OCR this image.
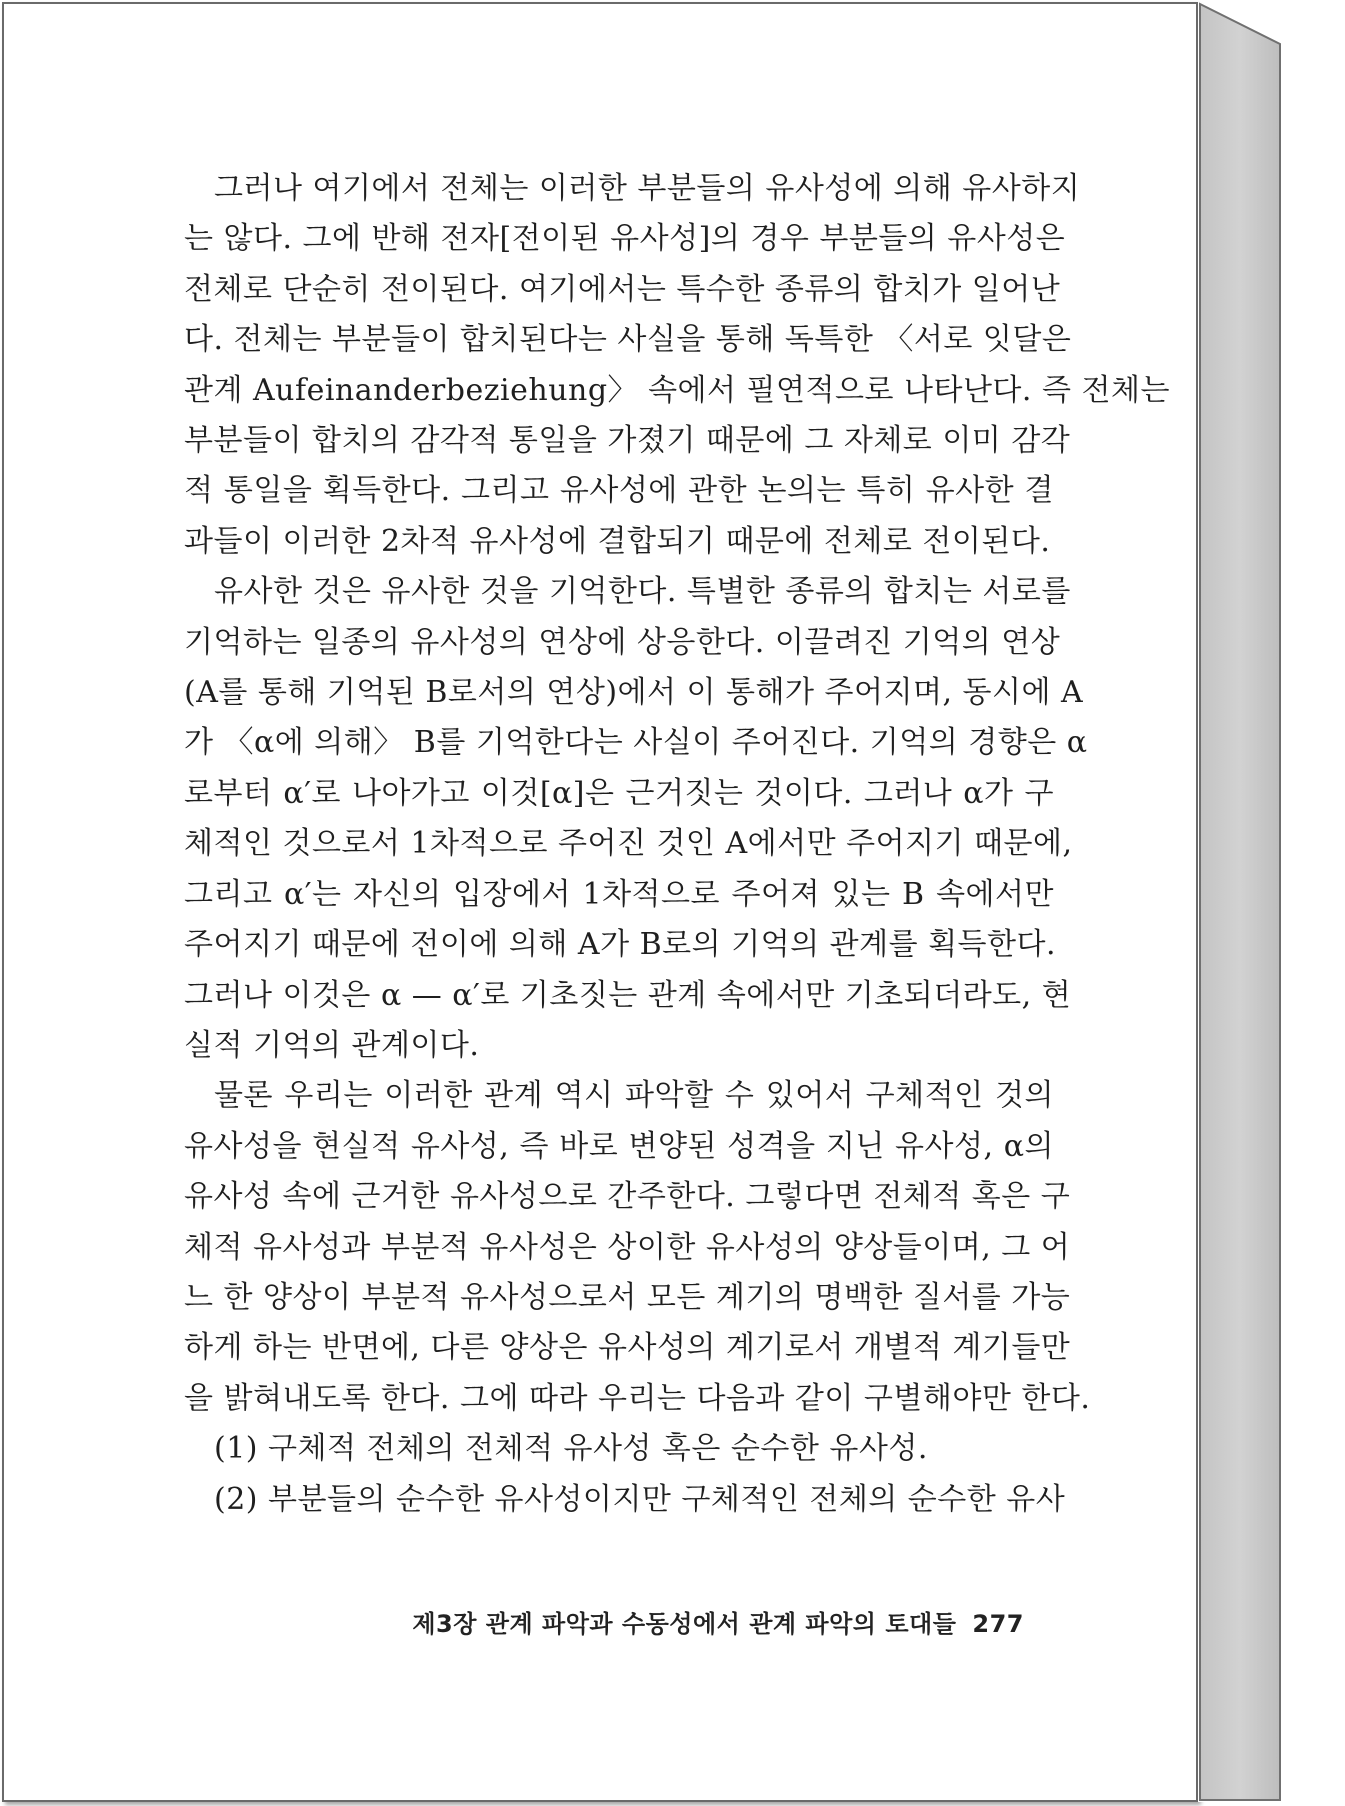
그러나 여기에서 전체는 이러한 부분들의 유사성에 의해 유사하지
는 않다. 그에 반해 전자[전이된 유사성]의 경우 부분들의 유사성은
전체로 단순히 전이된다. 여기에서는 특수한 종류의 합치가 일어난
다. 전체는 부분들이 합치된다는 사실을 통해 독특한 〈서로 잇달은
관계 Aufeinanderbeziehung〉 속에서 필연적으로 나타난다. 즉 전체는
부분들이 합치의 감각적 통일을 가졌기 때문에 그 자체로 이미 감각
적 통일을 획득한다. 그리고 유사성에 관한 논의는 특히 유사한 결
과들이 이러한 2차적 유사성에 결합되기 때문에 전체로 전이된다.

유사한 것은 유사한 것을 기억한다. 특별한 종류의 합치는 서로를
기억하는 일종의 유사성의 연상에 상응한다. 이끌려진 기억의 연상
(A를 통해 기억된 B로서의 연상)에서 이 통해가 주어지며, 동시에 A
가 〈α에 의해〉 B를 기억한다는 사실이 주어진다. 기억의 경향은 α
로부터 α′로 나아가고 이것[α]은 근거짓는 것이다. 그러나 α가 구
체적인 것으로서 1차적으로 주어진 것인 A에서만 주어지기 때문에,
그리고 α′는 자신의 입장에서 1차적으로 주어져 있는 B 속에서만
주어지기 때문에 전이에 의해 A가 B로의 기억의 관계를 획득한다.
그러나 이것은 α — α′로 기초짓는 관계 속에서만 기초되더라도, 현
실적 기억의 관계이다.

물론 우리는 이러한 관계 역시 파악할 수 있어서 구체적인 것의
유사성을 현실적 유사성, 즉 바로 변양된 성격을 지닌 유사성, α의
유사성 속에 근거한 유사성으로 간주한다. 그렇다면 전체적 혹은 구
체적 유사성과 부분적 유사성은 상이한 유사성의 양상들이며, 그 어
느 한 양상이 부분적 유사성으로서 모든 계기의 명백한 질서를 가능
하게 하는 반면에, 다른 양상은 유사성의 계기로서 개별적 계기들만
을 밝혀내도록 한다. 그에 따라 우리는 다음과 같이 구별해야만 한다.

(1) 구체적 전체의 전체적 유사성 혹은 순수한 유사성.

(2) 부분들의 순수한 유사성이지만 구체적인 전체의 순수한 유사

제3장 관계 파악과 수동성에서 관계 파악의 토대들 277
